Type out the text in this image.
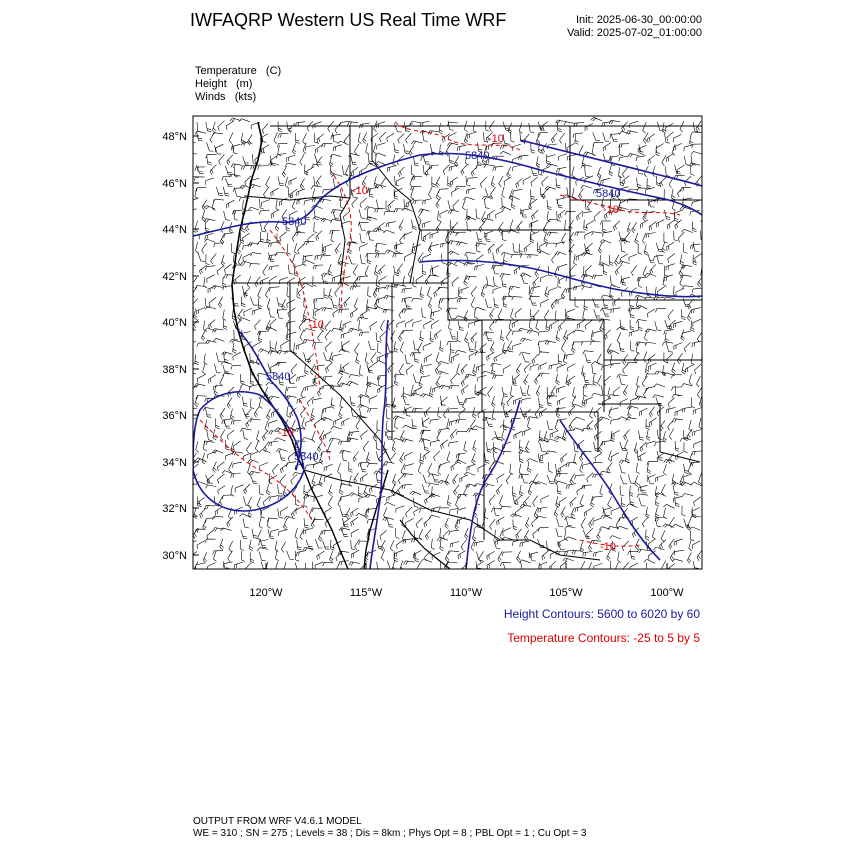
IWFAQRP Western US Real Time WRF	Init: 2025-06-30_00:00:00
Valid: 2025-07-02_01:00:00
Temperature   (C)
Height   (m)
Winds   (kts)
5840
5840
5840
5840
5840
-10
-10
-10
-10
-10
-10
48°N
46°N
44°N
42°N
40°N
38°N
36°N
34°N
32°N
30°N
120°W	115°W	110°W	105°W	100°W
Height Contours: 5600 to 6020 by 60
Temperature Contours: -25 to 5 by 5
OUTPUT FROM WRF V4.6.1 MODEL
WE = 310 ; SN = 275 ; Levels = 38 ; Dis = 8km ; Phys Opt = 8 ; PBL Opt = 1 ; Cu Opt = 3
